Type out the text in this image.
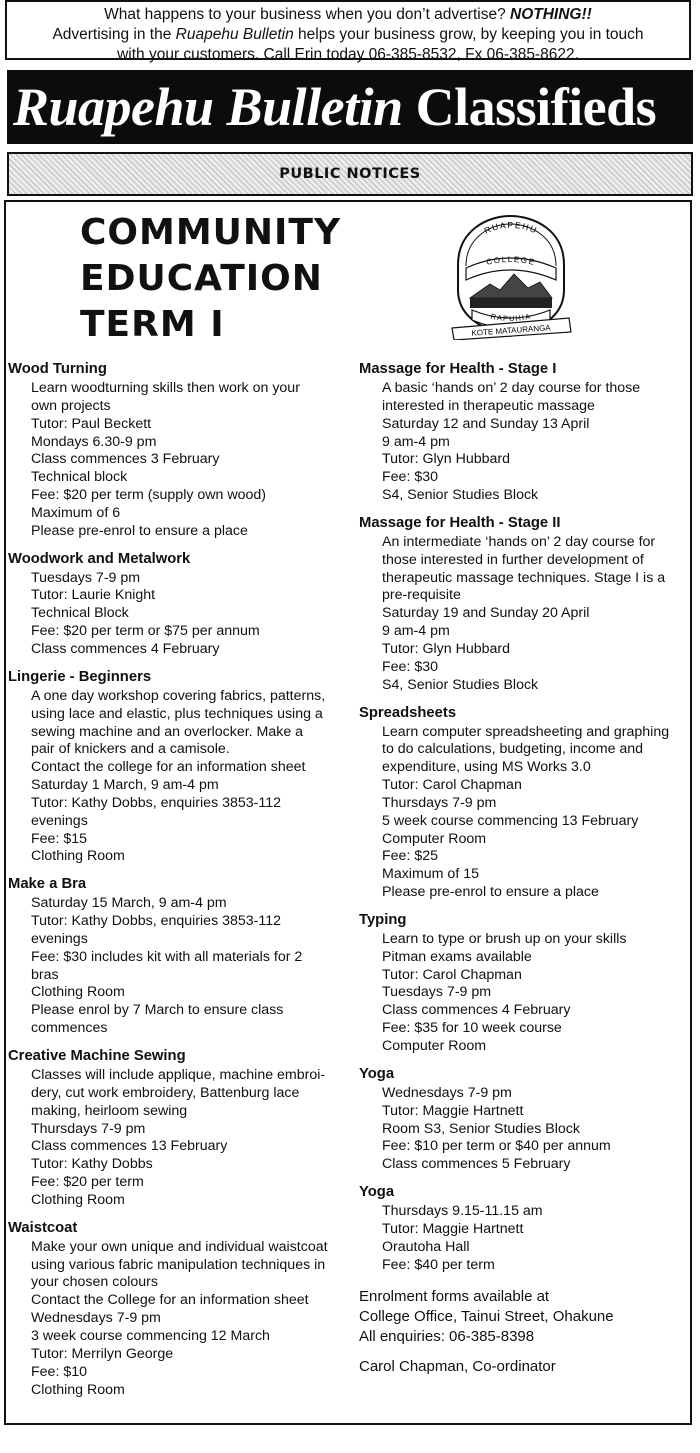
What happens to your business when you don’t advertise? NOTHING!!
Advertising in the Ruapehu Bulletin helps your business grow, by keeping you in touch
with your customers. Call Erin today 06-385-8532, Fx 06-385-8622.
Ruapehu Bulletin Classifieds
PUBLIC NOTICES
COMMUNITY
EDUCATION
TERM I
RUAPEHU
COLLEGE
RAPUHIA
KOTE MATAURANGA
Wood Turning
Learn woodturning skills then work on your
own projects
Tutor: Paul Beckett
Mondays 6.30-9 pm
Class commences 3 February
Technical block
Fee: $20 per term (supply own wood)
Maximum of 6
Please pre-enrol to ensure a place
Woodwork and Metalwork
Tuesdays 7-9 pm
Tutor: Laurie Knight
Technical Block
Fee: $20 per term or $75 per annum
Class commences 4 February
Lingerie - Beginners
A one day workshop covering fabrics, patterns,
using lace and elastic, plus techniques using a
sewing machine and an overlocker. Make a
pair of knickers and a camisole.
Contact the college for an information sheet
Saturday 1 March, 9 am-4 pm
Tutor: Kathy Dobbs, enquiries 3853-112
evenings
Fee: $15
Clothing Room
Make a Bra
Saturday 15 March, 9 am-4 pm
Tutor: Kathy Dobbs, enquiries 3853-112
evenings
Fee: $30 includes kit with all materials for 2
bras
Clothing Room
Please enrol by 7 March to ensure class
commences
Creative Machine Sewing
Classes will include applique, machine embroi-
dery, cut work embroidery, Battenburg lace
making, heirloom sewing
Thursdays 7-9 pm
Class commences 13 February
Tutor: Kathy Dobbs
Fee: $20 per term
Clothing Room
Waistcoat
Make your own unique and individual waistcoat
using various fabric manipulation techniques in
your chosen colours
Contact the College for an information sheet
Wednesdays 7-9 pm
3 week course commencing 12 March
Tutor: Merrilyn George
Fee: $10
Clothing Room
Massage for Health - Stage I
A basic ‘hands on’ 2 day course for those
interested in therapeutic massage
Saturday 12 and Sunday 13 April
9 am-4 pm
Tutor: Glyn Hubbard
Fee: $30
S4, Senior Studies Block
Massage for Health - Stage II
An intermediate ‘hands on’ 2 day course for
those interested in further development of
therapeutic massage techniques. Stage I is a
pre-requisite
Saturday 19 and Sunday 20 April
9 am-4 pm
Tutor: Glyn Hubbard
Fee: $30
S4, Senior Studies Block
Spreadsheets
Learn computer spreadsheeting and graphing
to do calculations, budgeting, income and
expenditure, using MS Works 3.0
Tutor: Carol Chapman
Thursdays 7-9 pm
5 week course commencing 13 February
Computer Room
Fee: $25
Maximum of 15
Please pre-enrol to ensure a place
Typing
Learn to type or brush up on your skills
Pitman exams available
Tutor: Carol Chapman
Tuesdays 7-9 pm
Class commences 4 February
Fee: $35 for 10 week course
Computer Room
Yoga
Wednesdays 7-9 pm
Tutor: Maggie Hartnett
Room S3, Senior Studies Block
Fee: $10 per term or $40 per annum
Class commences 5 February
Yoga
Thursdays 9.15-11.15 am
Tutor: Maggie Hartnett
Orautoha Hall
Fee: $40 per term
Enrolment forms available at
College Office, Tainui Street, Ohakune
All enquiries: 06-385-8398
Carol Chapman, Co-ordinator
